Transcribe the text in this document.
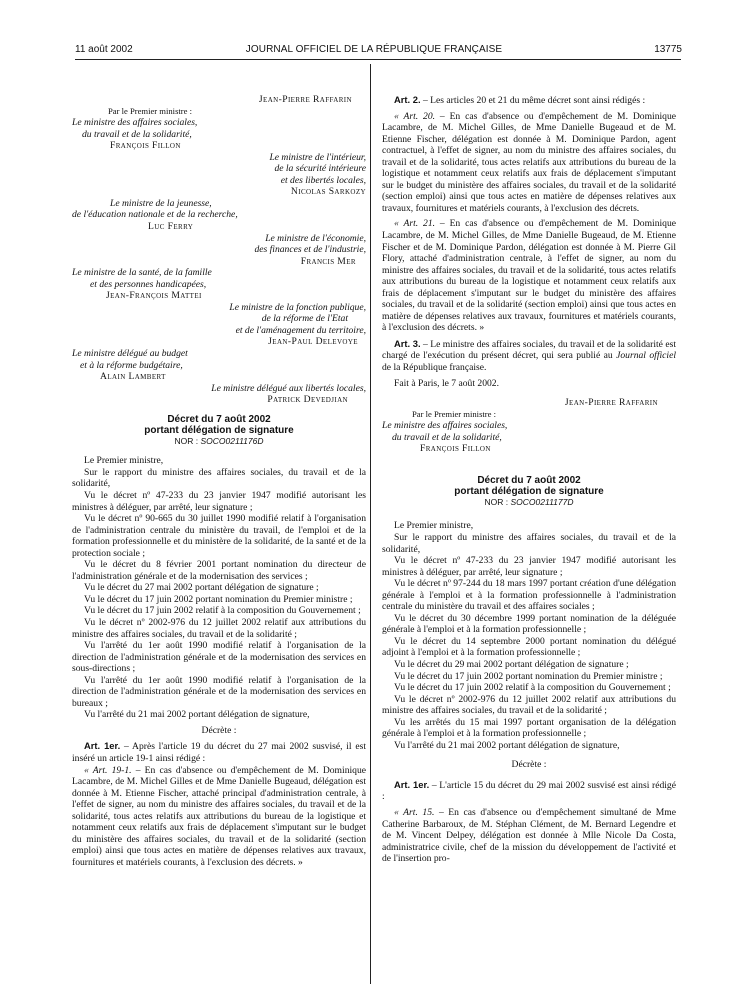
11 août 2002	JOURNAL OFFICIEL DE LA RÉPUBLIQUE FRANÇAISE	13775

Jean-Pierre Raffarin

Par le Premier ministre :

Le ministre des affaires sociales,

du travail et de la solidarité,

François Fillon

Le ministre de l'intérieur,

de la sécurité intérieure

et des libertés locales,

Nicolas Sarkozy

Le ministre de la jeunesse,

de l'éducation nationale et de la recherche,

Luc Ferry

Le ministre de l'économie,

des finances et de l'industrie,

Francis Mer

Le ministre de la santé, de la famille

et des personnes handicapées,

Jean-François Mattei

Le ministre de la fonction publique,

de la réforme de l'Etat

et de l'aménagement du territoire,

Jean-Paul Delevoye

Le ministre délégué au budget

et à la réforme budgétaire,

Alain Lambert

Le ministre délégué aux libertés locales,

Patrick Devedjian

Décret du 7 août 2002
portant délégation de signature
NOR : SOCO0211176D

Le Premier ministre,

Sur le rapport du ministre des affaires sociales, du travail et de la solidarité,

Vu le décret nº 47-233 du 23 janvier 1947 modifié autorisant les ministres à déléguer, par arrêté, leur signature ;

Vu le décret nº 90-665 du 30 juillet 1990 modifié relatif à l'organisation de l'administration centrale du ministère du travail, de l'emploi et de la formation professionnelle et du ministère de la solidarité, de la santé et de la protection sociale ;

Vu le décret du 8 février 2001 portant nomination du directeur de l'administration générale et de la modernisation des services ;

Vu le décret du 27 mai 2002 portant délégation de signature ;

Vu le décret du 17 juin 2002 portant nomination du Premier ministre ;

Vu le décret du 17 juin 2002 relatif à la composition du Gouvernement ;

Vu le décret nº 2002-976 du 12 juillet 2002 relatif aux attributions du ministre des affaires sociales, du travail et de la solidarité ;

Vu l'arrêté du 1er août 1990 modifié relatif à l'organisation de la direction de l'administration générale et de la modernisation des services en sous-directions ;

Vu l'arrêté du 1er août 1990 modifié relatif à l'organisation de la direction de l'administration générale et de la modernisation des services en bureaux ;

Vu l'arrêté du 21 mai 2002 portant délégation de signature,

Décrète :

Art. 1er. – Après l'article 19 du décret du 27 mai 2002 susvisé, il est inséré un article 19-1 ainsi rédigé :

« Art. 19-1. – En cas d'absence ou d'empêchement de M. Dominique Lacambre, de M. Michel Gilles et de Mme Danielle Bugeaud, délégation est donnée à M. Etienne Fischer, attaché principal d'administration centrale, à l'effet de signer, au nom du ministre des affaires sociales, du travail et de la solidarité, tous actes relatifs aux attributions du bureau de la logistique et notamment ceux relatifs aux frais de déplacement s'imputant sur le budget du ministère des affaires sociales, du travail et de la solidarité (section emploi) ainsi que tous actes en matière de dépenses relatives aux travaux, fournitures et matériels courants, à l'exclusion des décrets. »

Art. 2. – Les articles 20 et 21 du même décret sont ainsi rédigés :

« Art. 20. – En cas d'absence ou d'empêchement de M. Dominique Lacambre, de M. Michel Gilles, de Mme Danielle Bugeaud et de M. Etienne Fischer, délégation est donnée à M. Dominique Pardon, agent contractuel, à l'effet de signer, au nom du ministre des affaires sociales, du travail et de la solidarité, tous actes relatifs aux attributions du bureau de la logistique et notamment ceux relatifs aux frais de déplacement s'imputant sur le budget du ministère des affaires sociales, du travail et de la solidarité (section emploi) ainsi que tous actes en matière de dépenses relatives aux travaux, fournitures et matériels courants, à l'exclusion des décrets.

« Art. 21. – En cas d'absence ou d'empêchement de M. Dominique Lacambre, de M. Michel Gilles, de Mme Danielle Bugeaud, de M. Etienne Fischer et de M. Dominique Pardon, délégation est donnée à M. Pierre Gil Flory, attaché d'administration centrale, à l'effet de signer, au nom du ministre des affaires sociales, du travail et de la solidarité, tous actes relatifs aux attributions du bureau de la logistique et notamment ceux relatifs aux frais de déplacement s'imputant sur le budget du ministère des affaires sociales, du travail et de la solidarité (section emploi) ainsi que tous actes en matière de dépenses relatives aux travaux, fournitures et matériels courants, à l'exclusion des décrets. »

Art. 3. – Le ministre des affaires sociales, du travail et de la solidarité est chargé de l'exécution du présent décret, qui sera publié au Journal officiel de la République française.

Fait à Paris, le 7 août 2002.

Jean-Pierre Raffarin

Par le Premier ministre :

Le ministre des affaires sociales,

du travail et de la solidarité,

François Fillon

Décret du 7 août 2002
portant délégation de signature
NOR : SOCO0211177D

Le Premier ministre,

Sur le rapport du ministre des affaires sociales, du travail et de la solidarité,

Vu le décret nº 47-233 du 23 janvier 1947 modifié autorisant les ministres à déléguer, par arrêté, leur signature ;

Vu le décret nº 97-244 du 18 mars 1997 portant création d'une délégation générale à l'emploi et à la formation professionnelle à l'administration centrale du ministère du travail et des affaires sociales ;

Vu le décret du 30 décembre 1999 portant nomination de la déléguée générale à l'emploi et à la formation professionnelle ;

Vu le décret du 14 septembre 2000 portant nomination du délégué adjoint à l'emploi et à la formation professionnelle ;

Vu le décret du 29 mai 2002 portant délégation de signature ;

Vu le décret du 17 juin 2002 portant nomination du Premier ministre ;

Vu le décret du 17 juin 2002 relatif à la composition du Gouvernement ;

Vu le décret nº 2002-976 du 12 juillet 2002 relatif aux attributions du ministre des affaires sociales, du travail et de la solidarité ;

Vu les arrêtés du 15 mai 1997 portant organisation de la délégation générale à l'emploi et à la formation professionnelle ;

Vu l'arrêté du 21 mai 2002 portant délégation de signature,

Décrète :

Art. 1er. – L'article 15 du décret du 29 mai 2002 susvisé est ainsi rédigé :

« Art. 15. – En cas d'absence ou d'empêchement simultané de Mme Catherine Barbaroux, de M. Stéphan Clément, de M. Bernard Legendre et de M. Vincent Delpey, délégation est donnée à Mlle Nicole Da Costa, administratrice civile, chef de la mission du développement de l'activité et de l'insertion pro-
